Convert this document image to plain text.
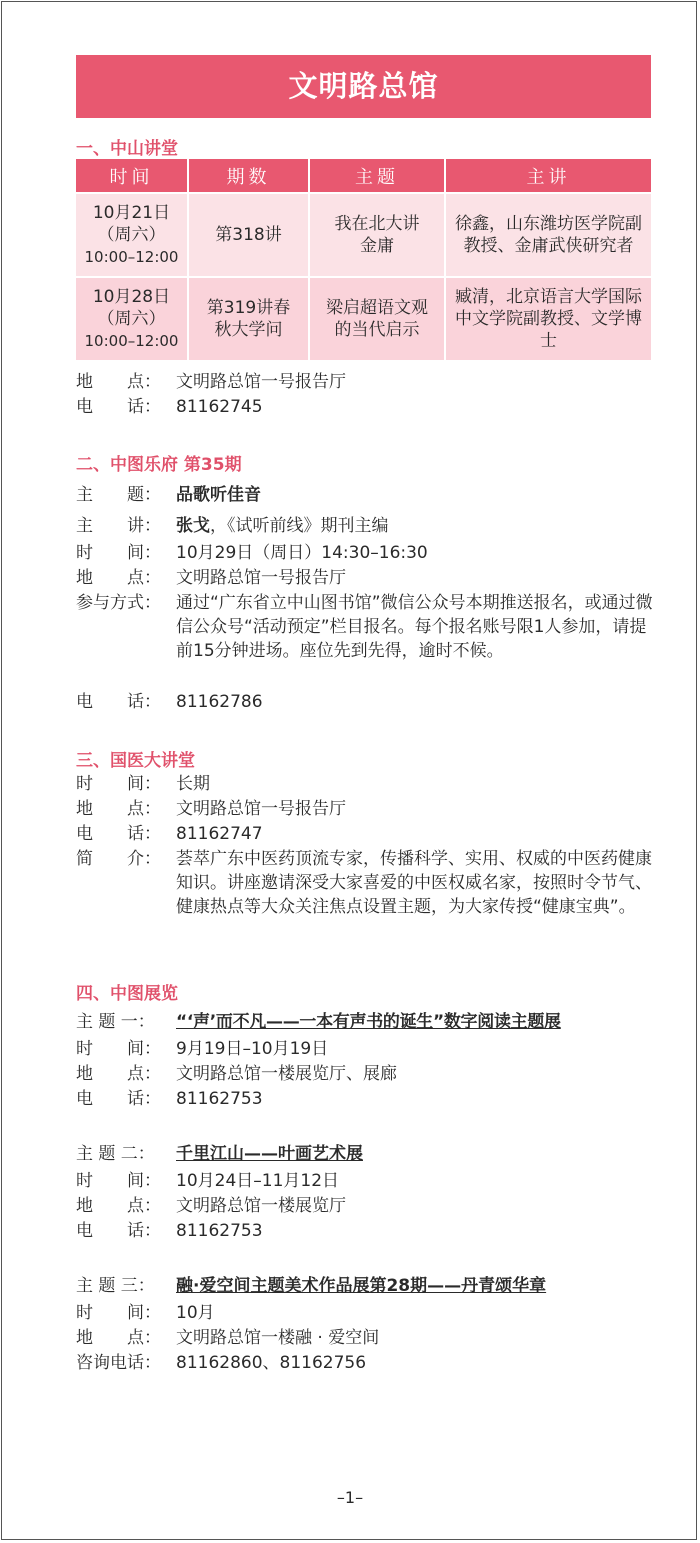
文明路总馆
一、中山讲堂
时间	期数	主题	主讲

10月21日
（周六）
10:00–12:00	第318讲	我在北大讲金庸	徐鑫，山东潍坊医学院副教授、金庸武侠研究者

10月28日
（周六）
10:00–12:00	第319讲春秋大学问	梁启超语文观的当代启示	臧清，北京语言大学国际中文学院副教授、文学博士
地　　点： 文明路总馆一号报告厅
电　　话： 81162745
二、中图乐府 第35期
主　　题： 品歌听佳音
主　　讲： 张戈，《试听前线》期刊主编
时　　间： 10月29日（周日）14:30–16:30
地　　点： 文明路总馆一号报告厅
参与方式： 通过“广东省立中山图书馆”微信公众号本期推送报名，或通过微信公众号“活动预定”栏目报名。每个报名账号限1人参加，请提前15分钟进场。座位先到先得，逾时不候。
电　　话： 81162786
三、国医大讲堂
时　　间： 长期
地　　点： 文明路总馆一号报告厅
电　　话： 81162747
简　　介： 荟萃广东中医药顶流专家，传播科学、实用、权威的中医药健康知识。讲座邀请深受大家喜爱的中医权威名家，按照时令节气、健康热点等大众关注焦点设置主题，为大家传授“健康宝典”。
四、中图展览
主 题 一： “‘声’而不凡——一本有声书的诞生”数字阅读主题展
时　　间： 9月19日–10月19日
地　　点： 文明路总馆一楼展览厅、展廊
电　　话： 81162753
主 题 二： 千里江山——叶画艺术展
时　　间： 10月24日–11月12日
地　　点： 文明路总馆一楼展览厅
电　　话： 81162753
主 题 三： 融·爱空间主题美术作品展第28期——丹青颂华章
时　　间： 10月
地　　点： 文明路总馆一楼融 · 爱空间
咨询电话： 81162860、81162756
–1–
